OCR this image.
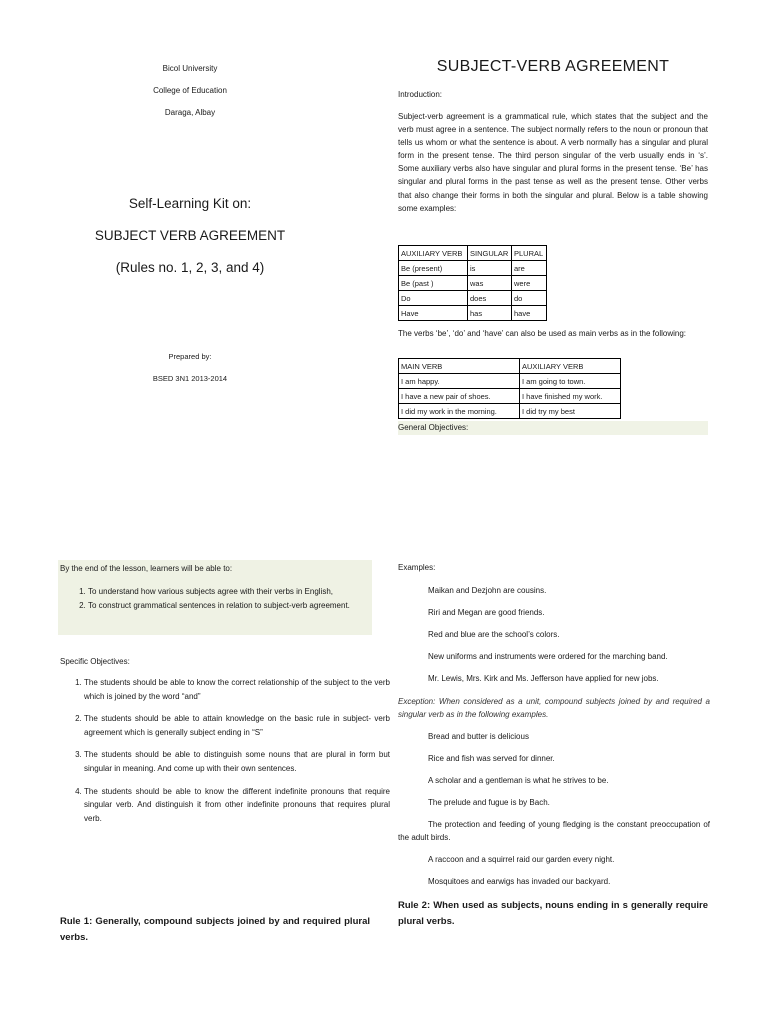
Bicol University
College of Education
Daraga, Albay
Self-Learning Kit on:
SUBJECT VERB AGREEMENT
(Rules no. 1, 2, 3, and 4)
Prepared by:
BSED 3N1 2013-2014
SUBJECT-VERB AGREEMENT
Introduction:
Subject-verb agreement is a grammatical rule, which states that the subject and the verb must agree in a sentence. The subject normally refers to the noun or pronoun that tells us whom or what the sentence is about. A verb normally has a singular and plural form in the present tense. The third person singular of the verb usually ends in ‘s’. Some auxiliary verbs also have singular and plural forms in the present tense. ‘Be’ has singular and plural forms in the past tense as well as the present tense. Other verbs that also change their forms in both the singular and plural. Below is a table showing some examples:
AUXILIARY VERB	SINGULAR	PLURAL
Be (present)	is	are
Be (past )	was	were
Do	does	do
Have	has	have
The verbs ‘be’, ‘do’ and ‘have’ can also be used as main verbs as in the following:
MAIN VERB	AUXILIARY VERB
I am happy.	I am going to town.
I have a new pair of shoes.	I have finished my work.
I did my work in the morning.	I did try my best
General Objectives:
By the end of the lesson, learners will be able to:
1. To understand how various subjects agree with their verbs in English,
2. To construct grammatical sentences in relation to subject-verb agreement.
Specific Objectives:
1. The students should be able to know the correct relationship of the subject to the verb which is joined by the word “and”
2. The students should be able to attain knowledge on the basic rule in subject- verb agreement which is generally subject ending in “S”
3. The students should be able to distinguish some nouns that are plural in form but singular in meaning. And come up with their own sentences.
4. The students should be able to know the different indefinite pronouns that require singular verb. And distinguish it from other indefinite pronouns that requires plural verb.
Rule 1: Generally, compound subjects joined by and required plural verbs.
Examples:
Maikan and Dezjohn are cousins.
Riri and Megan are good friends.
Red and blue are the school’s colors.
New uniforms and instruments were ordered for the marching band.
Mr. Lewis, Mrs. Kirk and Ms. Jefferson have applied for new jobs.
Exception: When considered as a unit, compound subjects joined by and required a singular verb as in the following examples.
Bread and butter is delicious
Rice and fish was served for dinner.
A scholar and a gentleman is what he strives to be.
The prelude and fugue is by Bach.
The protection and feeding of young fledging is the constant preoccupation of the adult birds.
A raccoon and a squirrel raid our garden every night.
Mosquitoes and earwigs has invaded our backyard.
Rule 2: When used as subjects, nouns ending in s generally require plural verbs.
